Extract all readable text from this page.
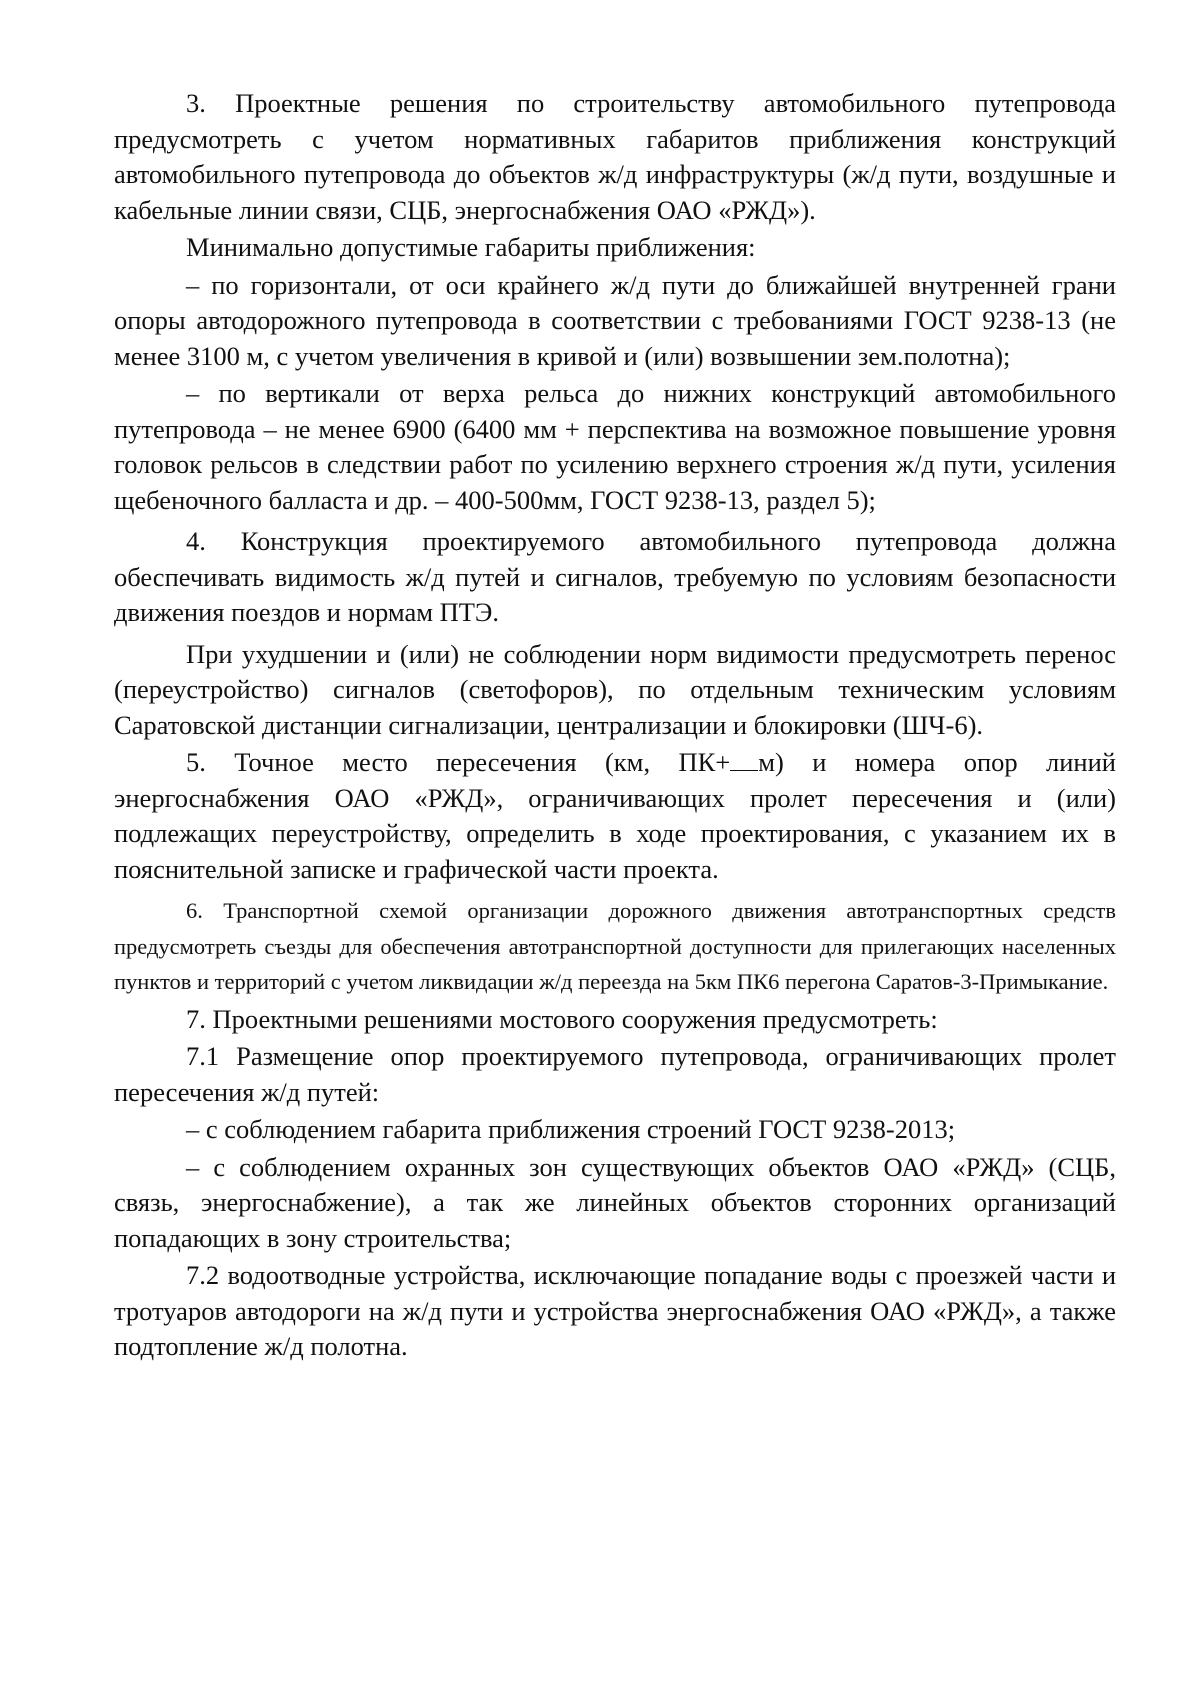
3. Проектные решения по строительству автомобильного путепровода предусмотреть с учетом нормативных габаритов приближения конструкций автомобильного путепровода до объектов ж/д инфраструктуры (ж/д пути, воздушные и кабельные линии связи, СЦБ, энергоснабжения ОАО «РЖД»).

Минимально допустимые габариты приближения:

– по горизонтали, от оси крайнего ж/д пути до ближайшей внутренней грани опоры автодорожного путепровода в соответствии с требованиями ГОСТ 9238-13 (не менее 3100 м, с учетом увеличения в кривой и (или) возвышении зем.полотна);

– по вертикали от верха рельса до нижних конструкций автомобильного путепровода – не менее 6900 (6400 мм + перспектива на возможное повышение уровня головок рельсов в следствии работ по усилению верхнего строения ж/д пути, усиления щебеночного балласта и др. – 400-500мм, ГОСТ 9238-13, раздел 5);

4. Конструкция проектируемого автомобильного путепровода должна обеспечивать видимость ж/д путей и сигналов, требуемую по условиям безопасности движения поездов и нормам ПТЭ.

При ухудшении и (или) не соблюдении норм видимости предусмотреть перенос (переустройство) сигналов (светофоров), по отдельным техническим условиям Саратовской дистанции сигнализации, централизации и блокировки (ШЧ-6).

5. Точное место пересечения (км, ПК+ м) и номера опор линий энергоснабжения ОАО «РЖД», ограничивающих пролет пересечения и (или) подлежащих переустройству, определить в ходе проектирования, с указанием их в пояснительной записке и графической части проекта.

6. Транспортной схемой организации дорожного движения автотранспортных средств предусмотреть съезды для обеспечения автотранспортной доступности для прилегающих населенных пунктов и территорий с учетом ликвидации ж/д переезда на 5км ПК6 перегона Саратов-3-Примыкание.

7. Проектными решениями мостового сооружения предусмотреть:

7.1 Размещение опор проектируемого путепровода, ограничивающих пролет пересечения ж/д путей:

– с соблюдением габарита приближения строений ГОСТ 9238-2013;

– с соблюдением охранных зон существующих объектов ОАО «РЖД» (СЦБ, связь, энергоснабжение), а так же линейных объектов сторонних организаций попадающих в зону строительства;

7.2 водоотводные устройства, исключающие попадание воды с проезжей части и тротуаров автодороги на ж/д пути и устройства энергоснабжения ОАО «РЖД», а также подтопление ж/д полотна.
